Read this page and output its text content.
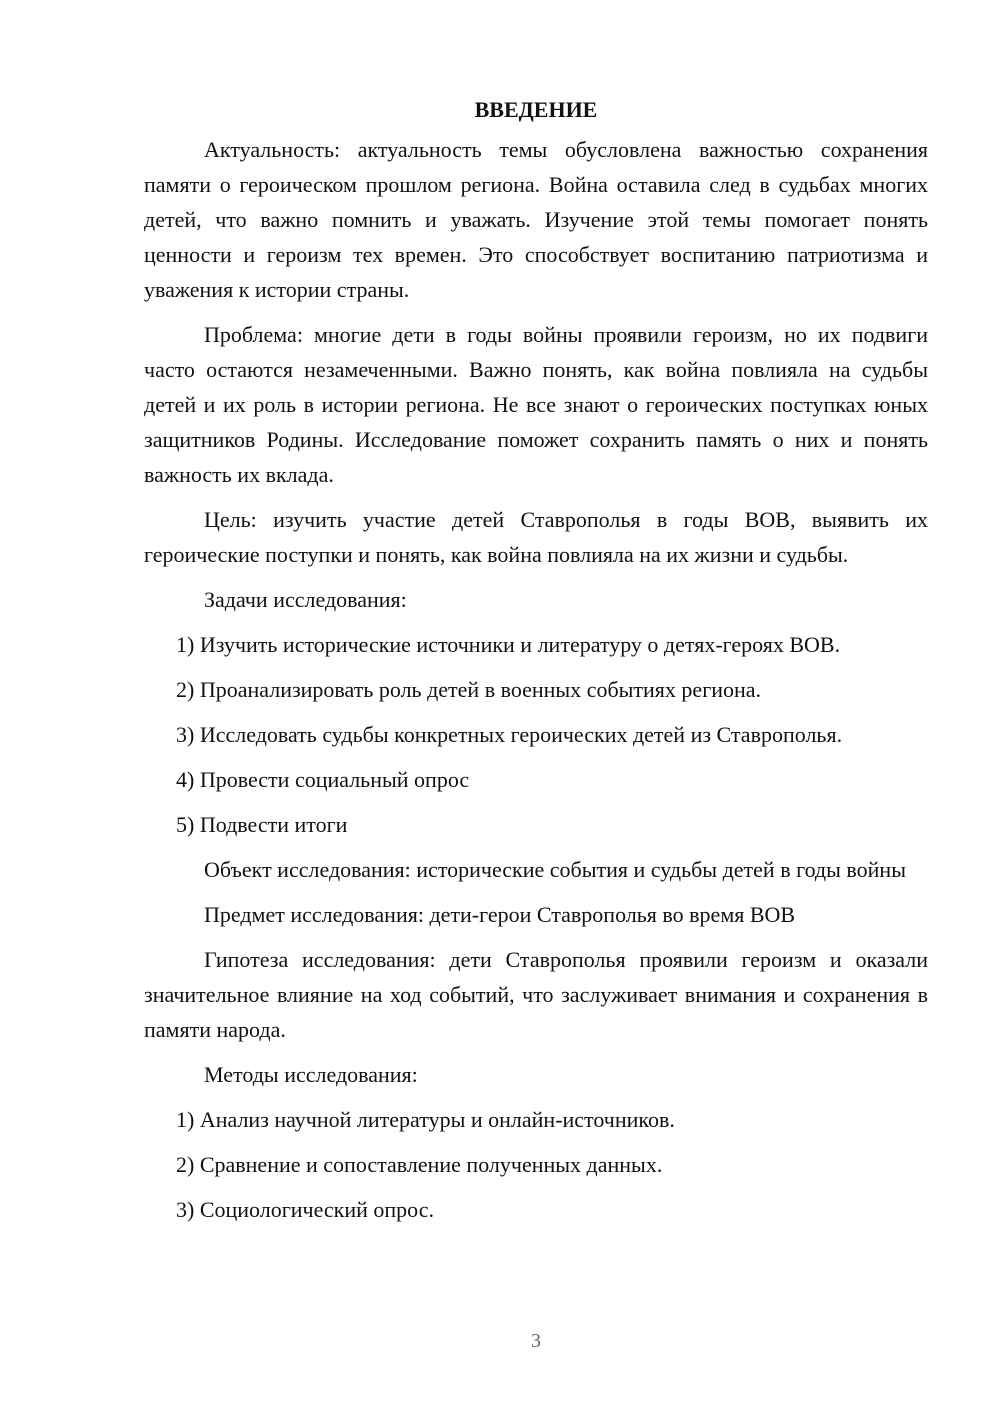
ВВЕДЕНИЕ

Актуальность: актуальность темы обусловлена важностью сохранения памяти о героическом прошлом региона. Война оставила след в судьбах многих детей, что важно помнить и уважать. Изучение этой темы помогает понять ценности и героизм тех времен. Это способствует воспитанию патриотизма и уважения к истории страны.

Проблема: многие дети в годы войны проявили героизм, но их подвиги часто остаются незамеченными. Важно понять, как война повлияла на судьбы детей и их роль в истории региона. Не все знают о героических поступках юных защитников Родины. Исследование поможет сохранить память о них и понять важность их вклада.

Цель: изучить участие детей Ставрополья в годы ВОВ, выявить их героические поступки и понять, как война повлияла на их жизни и судьбы.

Задачи исследования:

1) Изучить исторические источники и литературу о детях-героях ВОВ.
2) Проанализировать роль детей в военных событиях региона.
3) Исследовать судьбы конкретных героических детей из Ставрополья.
4) Провести социальный опрос
5) Подвести итоги

Объект исследования: исторические события и судьбы детей в годы войны

Предмет исследования: дети-герои Ставрополья во время ВОВ

Гипотеза исследования: дети Ставрополья проявили героизм и оказали значительное влияние на ход событий, что заслуживает внимания и сохранения в памяти народа.

Методы исследования:

1) Анализ научной литературы и онлайн-источников.
2) Сравнение и сопоставление полученных данных.
3) Социологический опрос.
3
